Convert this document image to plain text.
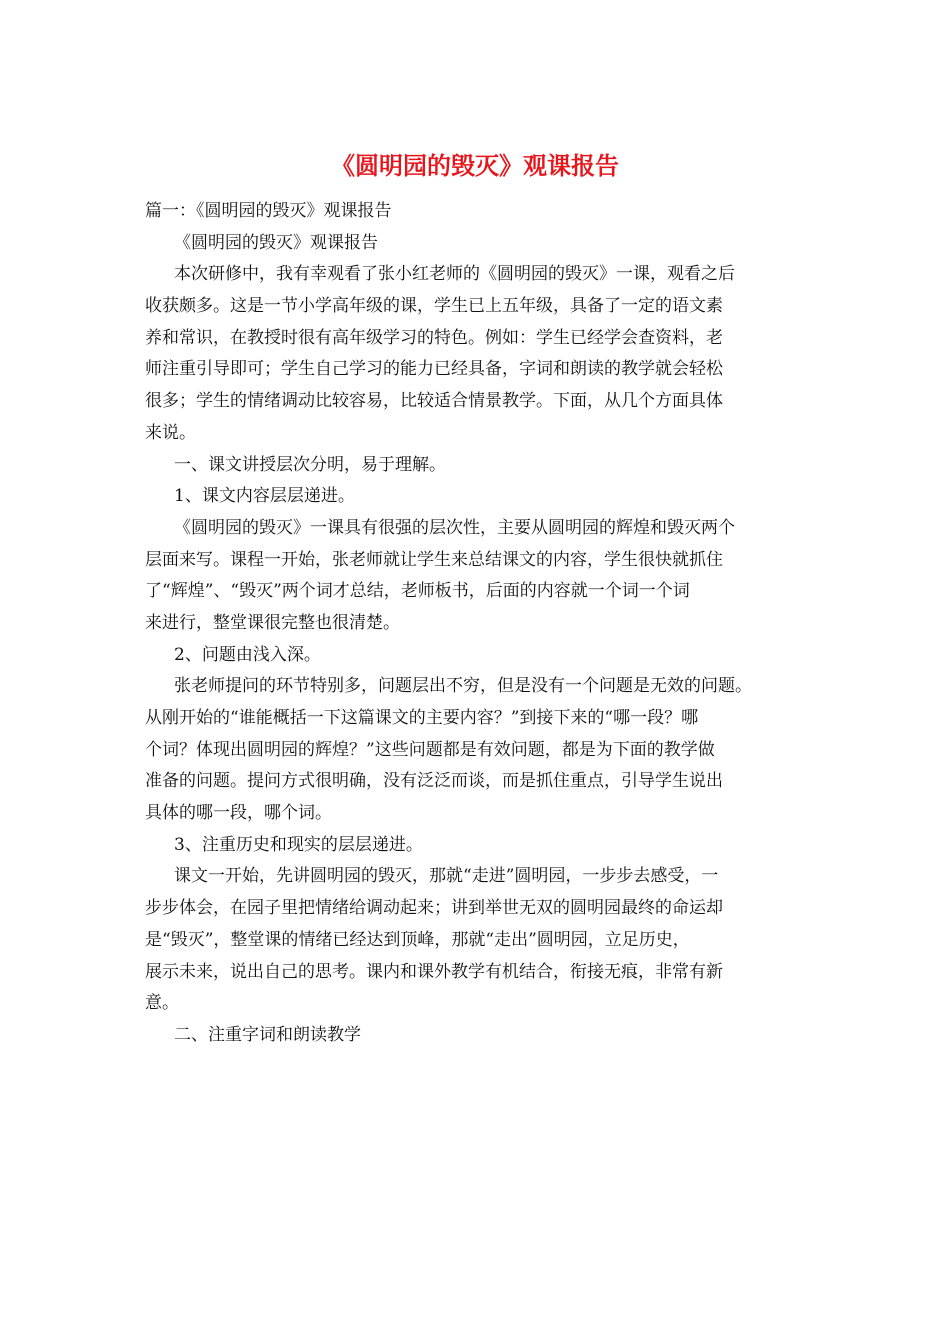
《圆明园的毁灭》观课报告
篇一：《圆明园的毁灭》观课报告
《圆明园的毁灭》观课报告
本次研修中，我有幸观看了张小红老师的《圆明园的毁灭》一课，观看之后
收获颇多。这是一节小学高年级的课，学生已上五年级，具备了一定的语文素
养和常识，在教授时很有高年级学习的特色。例如：学生已经学会查资料，老
师注重引导即可；学生自己学习的能力已经具备，字词和朗读的教学就会轻松
很多；学生的情绪调动比较容易，比较适合情景教学。下面，从几个方面具体
来说。
一、课文讲授层次分明，易于理解。
1、课文内容层层递进。
《圆明园的毁灭》一课具有很强的层次性，主要从圆明园的辉煌和毁灭两个
层面来写。课程一开始，张老师就让学生来总结课文的内容，学生很快就抓住
了“辉煌”、“毁灭”两个词才总结，老师板书，后面的内容就一个词一个词
来进行，整堂课很完整也很清楚。
2、问题由浅入深。
张老师提问的环节特别多，问题层出不穷，但是没有一个问题是无效的问题。
从刚开始的“谁能概括一下这篇课文的主要内容？”到接下来的“哪一段？哪
个词？体现出圆明园的辉煌？”这些问题都是有效问题，都是为下面的教学做
准备的问题。提问方式很明确，没有泛泛而谈，而是抓住重点，引导学生说出
具体的哪一段，哪个词。
3、注重历史和现实的层层递进。
课文一开始，先讲圆明园的毁灭，那就“走进”圆明园，一步步去感受，一
步步体会，在园子里把情绪给调动起来；讲到举世无双的圆明园最终的命运却
是“毁灭”，整堂课的情绪已经达到顶峰，那就“走出”圆明园，立足历史，
展示未来，说出自己的思考。课内和课外教学有机结合，衔接无痕，非常有新
意。
二、注重字词和朗读教学
